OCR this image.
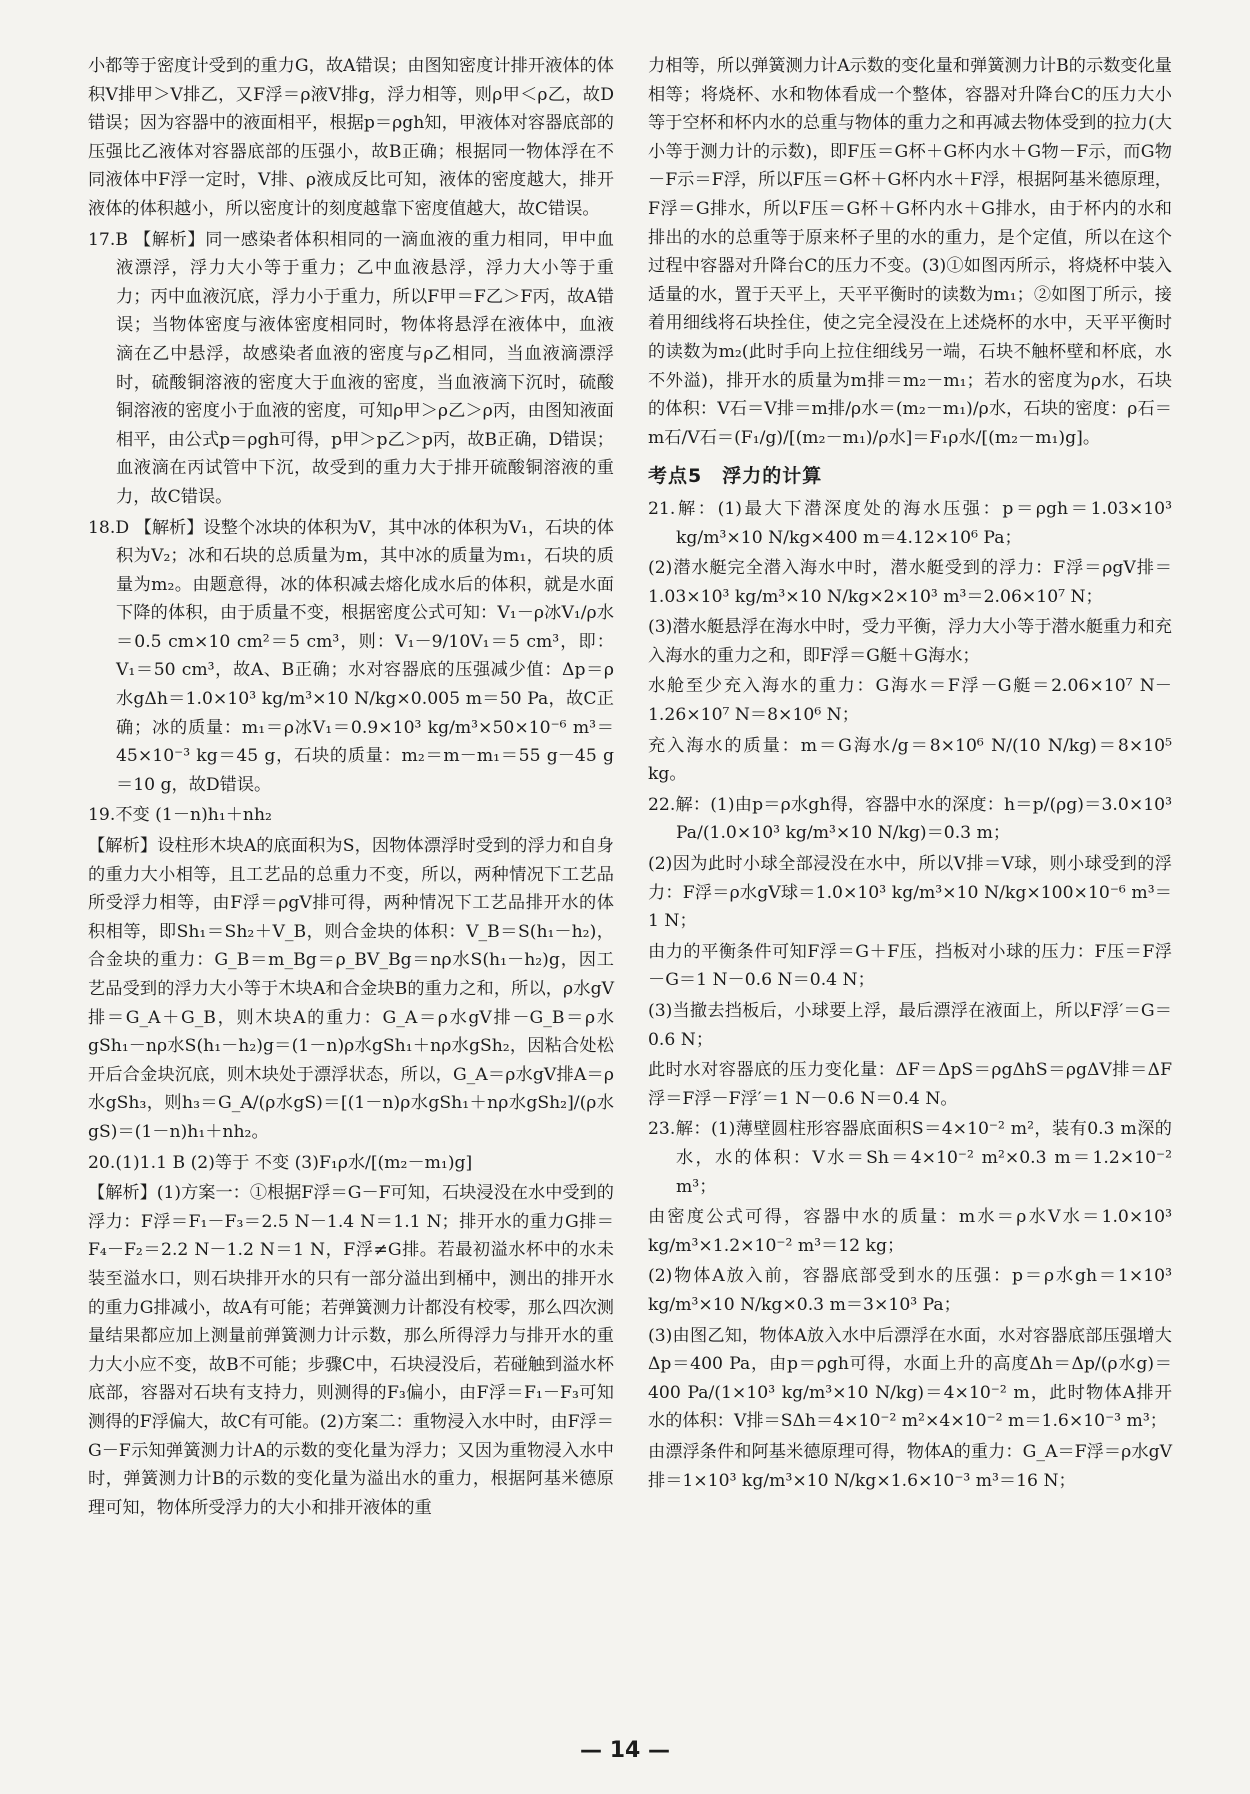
小都等于密度计受到的重力G，故A错误；由图知密度计排开液体的体积V排甲＞V排乙，又F浮＝ρ液V排g，浮力相等，则ρ甲＜ρ乙，故D错误；因为容器中的液面相平，根据p＝ρgh知，甲液体对容器底部的压强比乙液体对容器底部的压强小，故B正确；根据同一物体浮在不同液体中F浮一定时，V排、ρ液成反比可知，液体的密度越大，排开液体的体积越小，所以密度计的刻度越靠下密度值越大，故C错误。

17.B 【解析】同一感染者体积相同的一滴血液的重力相同，甲中血液漂浮，浮力大小等于重力；乙中血液悬浮，浮力大小等于重力；丙中血液沉底，浮力小于重力，所以F甲＝F乙＞F丙，故A错误；当物体密度与液体密度相同时，物体将悬浮在液体中，血液滴在乙中悬浮，故感染者血液的密度与ρ乙相同，当血液滴漂浮时，硫酸铜溶液的密度大于血液的密度，当血液滴下沉时，硫酸铜溶液的密度小于血液的密度，可知ρ甲＞ρ乙＞ρ丙，由图知液面相平，由公式p＝ρgh可得，p甲＞p乙＞p丙，故B正确，D错误；血液滴在丙试管中下沉，故受到的重力大于排开硫酸铜溶液的重力，故C错误。

18.D 【解析】设整个冰块的体积为V，其中冰的体积为V₁，石块的体积为V₂；冰和石块的总质量为m，其中冰的质量为m₁，石块的质量为m₂。由题意得，冰的体积减去熔化成水后的体积，就是水面下降的体积，由于质量不变，根据密度公式可知：V₁－ρ冰V₁/ρ水＝0.5 cm×10 cm²＝5 cm³，则：V₁－9/10V₁＝5 cm³，即：V₁＝50 cm³，故A、B正确；水对容器底的压强减少值：Δp＝ρ水gΔh＝1.0×10³ kg/m³×10 N/kg×0.005 m＝50 Pa，故C正确；冰的质量：m₁＝ρ冰V₁＝0.9×10³ kg/m³×50×10⁻⁶ m³＝45×10⁻³ kg＝45 g，石块的质量：m₂＝m－m₁＝55 g－45 g＝10 g，故D错误。

19.不变 (1－n)h₁＋nh₂

【解析】设柱形木块A的底面积为S，因物体漂浮时受到的浮力和自身的重力大小相等，且工艺品的总重力不变，所以，两种情况下工艺品所受浮力相等，由F浮＝ρgV排可得，两种情况下工艺品排开水的体积相等，即Sh₁＝Sh₂＋V_B，则合金块的体积：V_B＝S(h₁－h₂)，合金块的重力：G_B＝m_Bg＝ρ_BV_Bg＝nρ水S(h₁－h₂)g，因工艺品受到的浮力大小等于木块A和合金块B的重力之和，所以，ρ水gV排＝G_A＋G_B，则木块A的重力：G_A＝ρ水gV排－G_B＝ρ水gSh₁－nρ水S(h₁－h₂)g＝(1－n)ρ水gSh₁＋nρ水gSh₂，因粘合处松开后合金块沉底，则木块处于漂浮状态，所以，G_A＝ρ水gV排A＝ρ水gSh₃，则h₃＝G_A/(ρ水gS)＝[(1－n)ρ水gSh₁＋nρ水gSh₂]/(ρ水gS)＝(1－n)h₁＋nh₂。

20.(1)1.1 B (2)等于 不变 (3)F₁ρ水/[(m₂－m₁)g]

【解析】(1)方案一：①根据F浮＝G－F可知，石块浸没在水中受到的浮力：F浮＝F₁－F₃＝2.5 N－1.4 N＝1.1 N；排开水的重力G排＝F₄－F₂＝2.2 N－1.2 N＝1 N，F浮≠G排。若最初溢水杯中的水未装至溢水口，则石块排开水的只有一部分溢出到桶中，测出的排开水的重力G排减小，故A有可能；若弹簧测力计都没有校零，那么四次测量结果都应加上测量前弹簧测力计示数，那么所得浮力与排开水的重力大小应不变，故B不可能；步骤C中，石块浸没后，若碰触到溢水杯底部，容器对石块有支持力，则测得的F₃偏小，由F浮＝F₁－F₃可知测得的F浮偏大，故C有可能。(2)方案二：重物浸入水中时，由F浮＝G－F示知弹簧测力计A的示数的变化量为浮力；又因为重物浸入水中时，弹簧测力计B的示数的变化量为溢出水的重力，根据阿基米德原理可知，物体所受浮力的大小和排开液体的重

力相等，所以弹簧测力计A示数的变化量和弹簧测力计B的示数变化量相等；将烧杯、水和物体看成一个整体，容器对升降台C的压力大小等于空杯和杯内水的总重与物体的重力之和再减去物体受到的拉力(大小等于测力计的示数)，即F压＝G杯＋G杯内水＋G物－F示，而G物－F示＝F浮，所以F压＝G杯＋G杯内水＋F浮，根据阿基米德原理，F浮＝G排水，所以F压＝G杯＋G杯内水＋G排水，由于杯内的水和排出的水的总重等于原来杯子里的水的重力，是个定值，所以在这个过程中容器对升降台C的压力不变。(3)①如图丙所示，将烧杯中装入适量的水，置于天平上，天平平衡时的读数为m₁；②如图丁所示，接着用细线将石块拴住，使之完全浸没在上述烧杯的水中，天平平衡时的读数为m₂(此时手向上拉住细线另一端，石块不触杯壁和杯底，水不外溢)，排开水的质量为m排＝m₂－m₁；若水的密度为ρ水，石块的体积：V石＝V排＝m排/ρ水＝(m₂－m₁)/ρ水，石块的密度：ρ石＝m石/V石＝(F₁/g)/[(m₂－m₁)/ρ水]＝F₁ρ水/[(m₂－m₁)g]。

考点5　浮力的计算

21.解：(1)最大下潜深度处的海水压强：p＝ρgh＝1.03×10³ kg/m³×10 N/kg×400 m＝4.12×10⁶ Pa；

(2)潜水艇完全潜入海水中时，潜水艇受到的浮力：F浮＝ρgV排＝1.03×10³ kg/m³×10 N/kg×2×10³ m³＝2.06×10⁷ N；

(3)潜水艇悬浮在海水中时，受力平衡，浮力大小等于潜水艇重力和充入海水的重力之和，即F浮＝G艇＋G海水；

水舱至少充入海水的重力：G海水＝F浮－G艇＝2.06×10⁷ N－1.26×10⁷ N＝8×10⁶ N；

充入海水的质量：m＝G海水/g＝8×10⁶ N/(10 N/kg)＝8×10⁵ kg。

22.解：(1)由p＝ρ水gh得，容器中水的深度：h＝p/(ρg)＝3.0×10³ Pa/(1.0×10³ kg/m³×10 N/kg)＝0.3 m；

(2)因为此时小球全部浸没在水中，所以V排＝V球，则小球受到的浮力：F浮＝ρ水gV球＝1.0×10³ kg/m³×10 N/kg×100×10⁻⁶ m³＝1 N；

由力的平衡条件可知F浮＝G＋F压，挡板对小球的压力：F压＝F浮－G＝1 N－0.6 N＝0.4 N；

(3)当撤去挡板后，小球要上浮，最后漂浮在液面上，所以F浮′＝G＝0.6 N；

此时水对容器底的压力变化量：ΔF＝ΔpS＝ρgΔhS＝ρgΔV排＝ΔF浮＝F浮－F浮′＝1 N－0.6 N＝0.4 N。

23.解：(1)薄壁圆柱形容器底面积S＝4×10⁻² m²，装有0.3 m深的水，水的体积：V水＝Sh＝4×10⁻² m²×0.3 m＝1.2×10⁻² m³；

由密度公式可得，容器中水的质量：m水＝ρ水V水＝1.0×10³ kg/m³×1.2×10⁻² m³＝12 kg；

(2)物体A放入前，容器底部受到水的压强：p＝ρ水gh＝1×10³ kg/m³×10 N/kg×0.3 m＝3×10³ Pa；

(3)由图乙知，物体A放入水中后漂浮在水面，水对容器底部压强增大Δp＝400 Pa，由p＝ρgh可得，水面上升的高度Δh＝Δp/(ρ水g)＝400 Pa/(1×10³ kg/m³×10 N/kg)＝4×10⁻² m，此时物体A排开水的体积：V排＝SΔh＝4×10⁻² m²×4×10⁻² m＝1.6×10⁻³ m³；

由漂浮条件和阿基米德原理可得，物体A的重力：G_A＝F浮＝ρ水gV排＝1×10³ kg/m³×10 N/kg×1.6×10⁻³ m³＝16 N；

— 14 —
